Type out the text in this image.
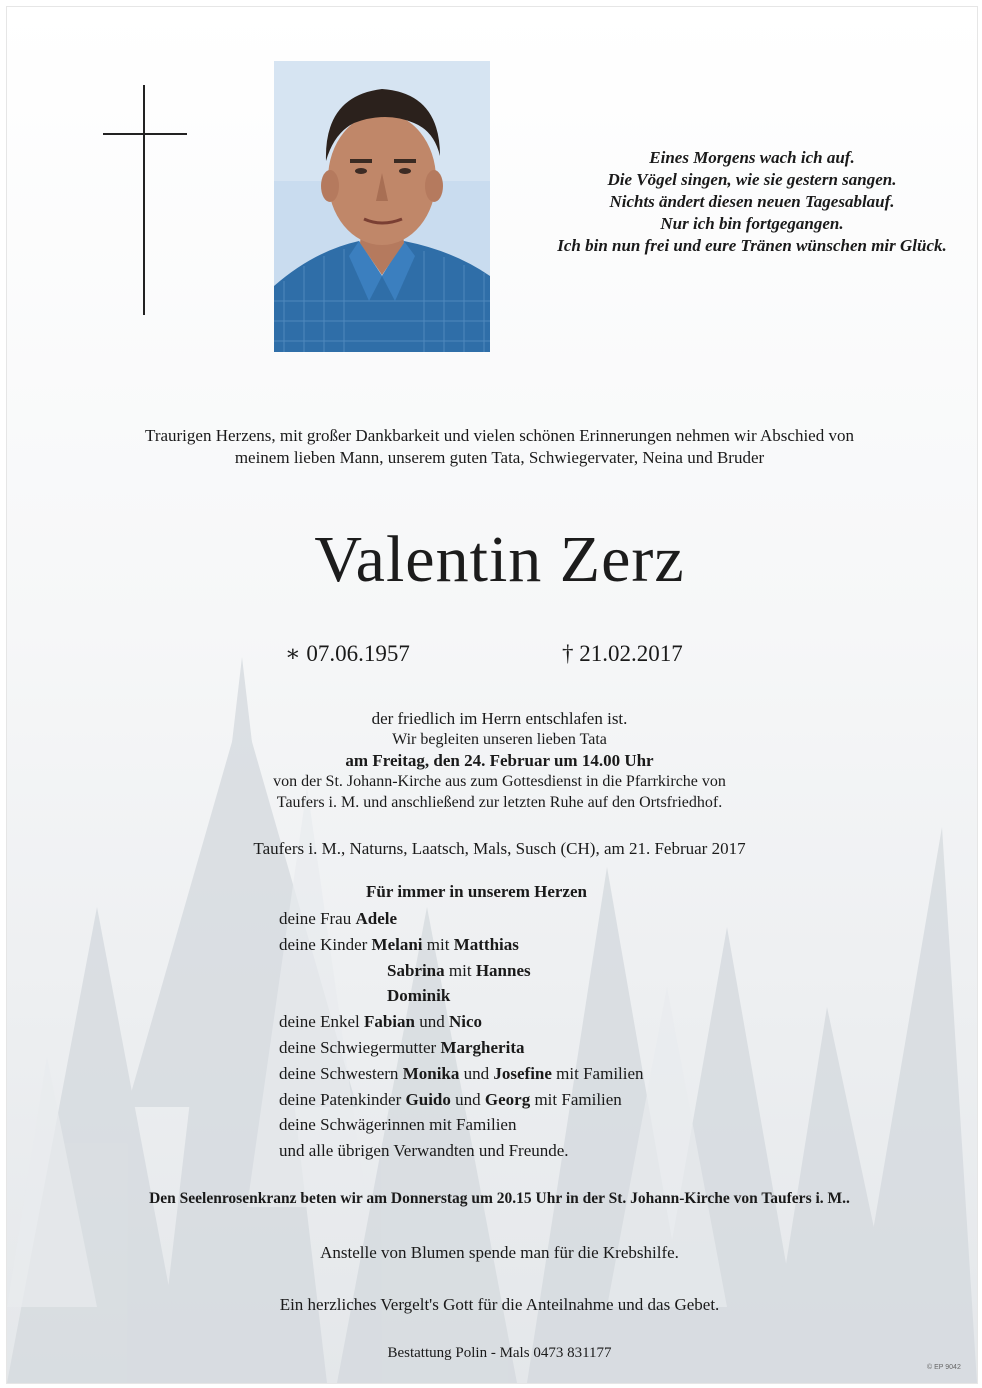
Eines Morgens wach ich auf.
Die Vögel singen, wie sie gestern sangen.
Nichts ändert diesen neuen Tagesablauf.
Nur ich bin fortgegangen.
Ich bin nun frei und eure Tränen wünschen mir Glück.
Traurigen Herzens, mit großer Dankbarkeit und vielen schönen Erinnerungen nehmen wir Abschied von
meinem lieben Mann, unserem guten Tata, Schwiegervater, Neina und Bruder
Valentin Zerz
∗ 07.06.1957	† 21.02.2017
der friedlich im Herrn entschlafen ist.
Wir begleiten unseren lieben Tata
am Freitag, den 24. Februar um 14.00 Uhr
von der St. Johann-Kirche aus zum Gottesdienst in die Pfarrkirche von
Taufers i. M. und anschließend zur letzten Ruhe auf den Ortsfriedhof.
Taufers i. M., Naturns, Laatsch, Mals, Susch (CH), am 21. Februar 2017
Für immer in unserem Herzen
deine Frau Adele
deine Kinder Melani mit Matthias
Sabrina mit Hannes
Dominik
deine Enkel Fabian und Nico
deine Schwiegermutter Margherita
deine Schwestern Monika und Josefine mit Familien
deine Patenkinder Guido und Georg mit Familien
deine Schwägerinnen mit Familien
und alle übrigen Verwandten und Freunde.
Den Seelenrosenkranz beten wir am Donnerstag um 20.15 Uhr in der St. Johann-Kirche von Taufers i. M..
Anstelle von Blumen spende man für die Krebshilfe.
Ein herzliches Vergelt's Gott für die Anteilnahme und das Gebet.
Bestattung Polin - Mals 0473 831177
© EP 9042
